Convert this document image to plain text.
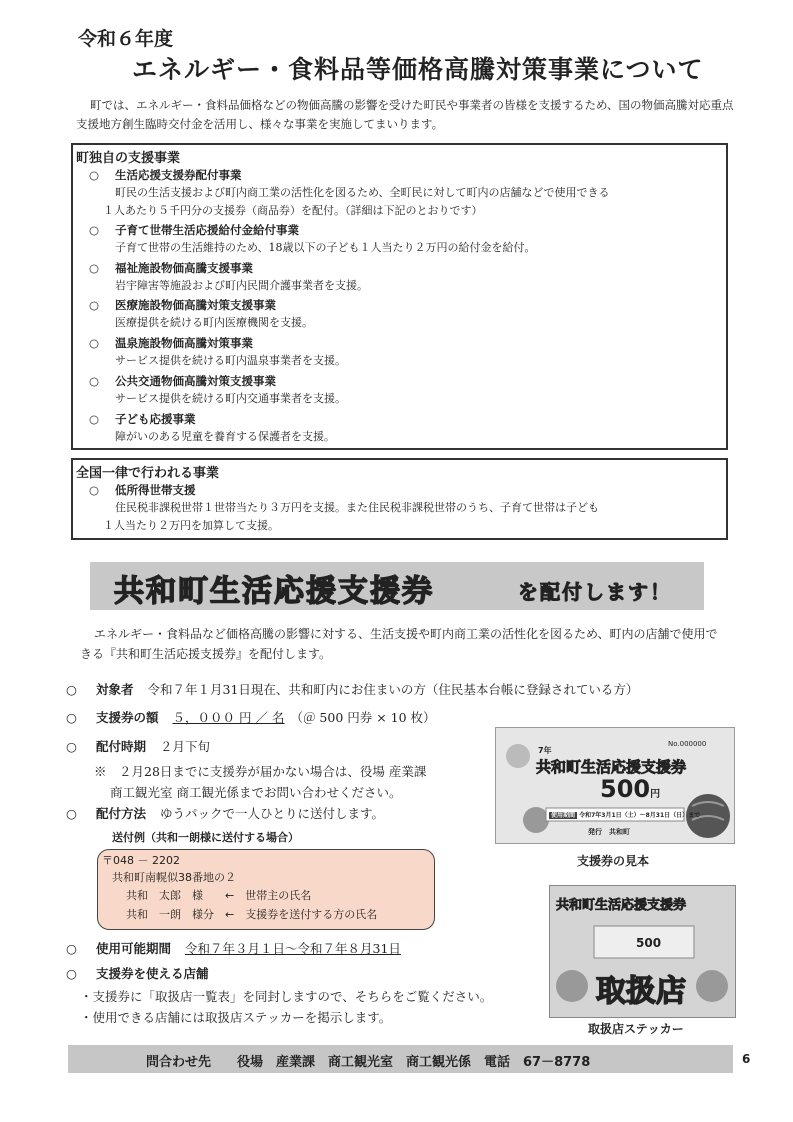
令和６年度
エネルギー・食料品等価格高騰対策事業について
町では、エネルギー・食料品価格などの物価高騰の影響を受けた町民や事業者の皆様を支援するため、国の物価高騰対応重点支援地方創生臨時交付金を活用し、様々な事業を実施してまいります。
町独自の支援事業
○ 生活応援支援券配付事業
町民の生活支援および町内商工業の活性化を図るため、全町民に対して町内の店舗などで使用できる
１人あたり５千円分の支援券（商品券）を配付。（詳細は下記のとおりです）
○ 子育て世帯生活応援給付金給付事業
子育て世帯の生活維持のため、18歳以下の子ども１人当たり２万円の給付金を給付。
○ 福祉施設物価高騰支援事業
岩宇障害等施設および町内民間介護事業者を支援。
○ 医療施設物価高騰対策支援事業
医療提供を続ける町内医療機関を支援。
○ 温泉施設物価高騰対策事業
サービス提供を続ける町内温泉事業者を支援。
○ 公共交通物価高騰対策支援事業
サービス提供を続ける町内交通事業者を支援。
○ 子ども応援事業
障がいのある児童を養育する保護者を支援。
全国一律で行われる事業
○ 低所得世帯支援
住民税非課税世帯１世帯当たり３万円を支援。また住民税非課税世帯のうち、子育て世帯は子ども
１人当たり２万円を加算して支援。
共和町生活応援支援券	を配付します！
エネルギー・食料品など価格高騰の影響に対する、生活支援や町内商工業の活性化を図るため、町内の店舗で使用できる『共和町生活応援支援券』を配付します。
○ 対象者 令和７年１月31日現在、共和町内にお住まいの方（住民基本台帳に登録されている方）
○ 支援券の額 ５，０００ 円 ／ 名 （＠ 500 円券 × 10 枚）
○ 配付時期 ２月下旬
※　２月28日までに支援券が届かない場合は、役場 産業課
商工観光室 商工観光係までお問い合わせください。
○ 配付方法 ゆうパックで一人ひとりに送付します。
送付例（共和一朗様に送付する場合）
〒048 － 2202
共和町南幌似38番地の２
共和　太郎　様　　←　世帯主の氏名
共和　一朗　様分　←　支援券を送付する方の氏名
○ 使用可能期間 令和７年３月１日～令和７年８月31日
○ 支援券を使える店舗
・支援券に「取扱店一覧表」を同封しますので、そちらをご覧ください。
・使用できる店舗には取扱店ステッカーを掲示します。
No.000000
7年
共和町生活応援支援券
500円
使用期間 令和7年3月1日（土）～8月31日（日）まで
発行　共和町
支援券の見本
共和町生活応援支援券
500
取扱店
取扱店ステッカー
問合わせ先　　役場　産業課　商工観光室　商工観光係　電話　67－8778	6
